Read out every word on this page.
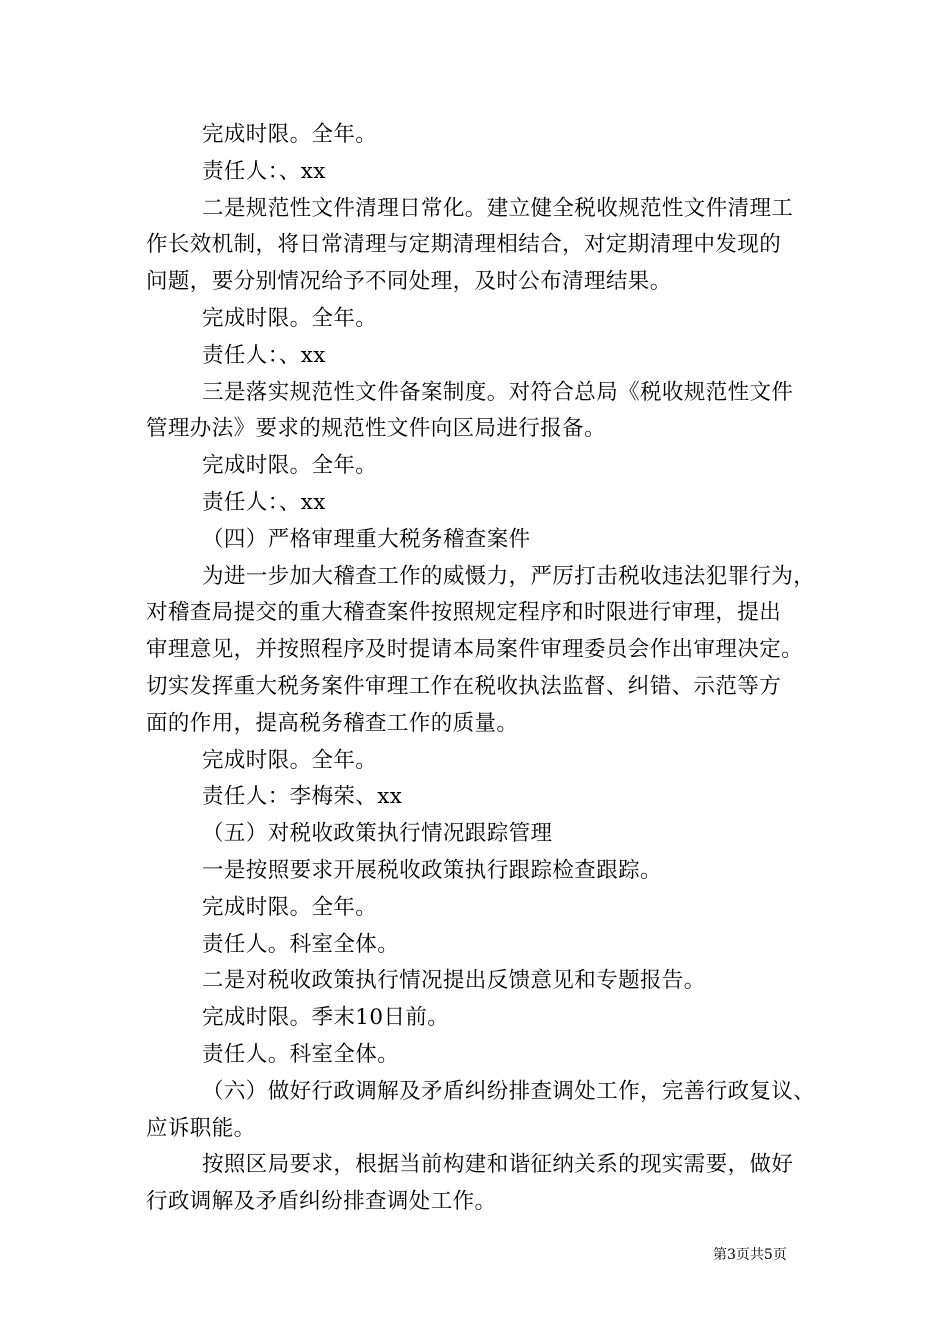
完成时限。全年。
责任人：、xx
二是规范性文件清理日常化。建立健全税收规范性文件清理工
作长效机制，将日常清理与定期清理相结合，对定期清理中发现的
问题，要分别情况给予不同处理，及时公布清理结果。
完成时限。全年。
责任人：、xx
三是落实规范性文件备案制度。对符合总局《税收规范性文件
管理办法》要求的规范性文件向区局进行报备。
完成时限。全年。
责任人：、xx
（四）严格审理重大税务稽查案件
为进一步加大稽查工作的威慑力，严厉打击税收违法犯罪行为，
对稽查局提交的重大稽查案件按照规定程序和时限进行审理，提出
审理意见，并按照程序及时提请本局案件审理委员会作出审理决定。
切实发挥重大税务案件审理工作在税收执法监督、纠错、示范等方
面的作用，提高税务稽查工作的质量。
完成时限。全年。
责任人：李梅荣、xx
（五）对税收政策执行情况跟踪管理
一是按照要求开展税收政策执行跟踪检查跟踪。
完成时限。全年。
责任人。科室全体。
二是对税收政策执行情况提出反馈意见和专题报告。
完成时限。季末10日前。
责任人。科室全体。
（六）做好行政调解及矛盾纠纷排查调处工作，完善行政复议、
应诉职能。
按照区局要求，根据当前构建和谐征纳关系的现实需要，做好
行政调解及矛盾纠纷排查调处工作。
第3页共5页
